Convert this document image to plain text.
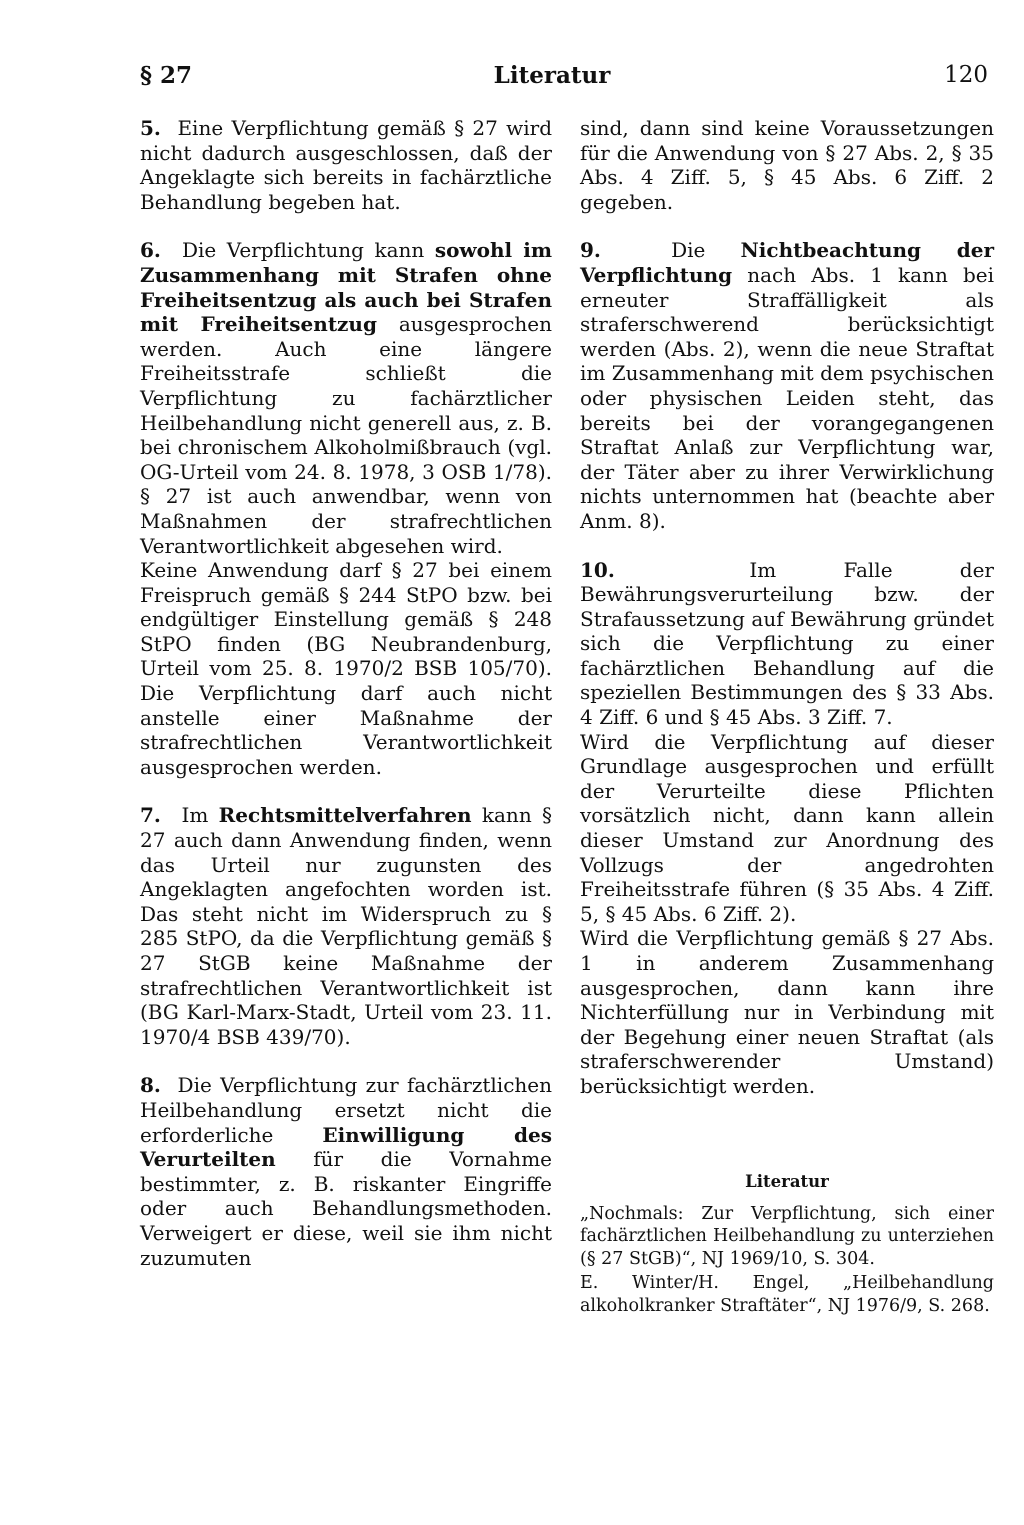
§ 27	Literatur	120

5. Eine Verpflichtung gemäß § 27 wird nicht dadurch ausgeschlossen, daß der Angeklagte sich bereits in fachärztliche Behandlung begeben hat.

6. Die Verpflichtung kann sowohl im Zusammenhang mit Strafen ohne Freiheitsentzug als auch bei Strafen mit Freiheitsentzug ausgesprochen werden. Auch eine längere Freiheitsstrafe schließt die Verpflichtung zu fachärztlicher Heilbehandlung nicht generell aus, z. B. bei chronischem Alkoholmißbrauch (vgl. OG-Urteil vom 24. 8. 1978, 3 OSB 1/78). § 27 ist auch anwendbar, wenn von Maßnahmen der strafrechtlichen Verantwortlichkeit abgesehen wird.

Keine Anwendung darf § 27 bei einem Freispruch gemäß § 244 StPO bzw. bei endgültiger Einstellung gemäß § 248 StPO finden (BG Neubrandenburg, Urteil vom 25. 8. 1970/2 BSB 105/70). Die Verpflichtung darf auch nicht anstelle einer Maßnahme der strafrechtlichen Verantwortlichkeit ausgesprochen werden.

7. Im Rechtsmittelverfahren kann § 27 auch dann Anwendung finden, wenn das Urteil nur zugunsten des Angeklagten angefochten worden ist. Das steht nicht im Widerspruch zu § 285 StPO, da die Verpflichtung gemäß § 27 StGB keine Maßnahme der strafrechtlichen Verantwortlichkeit ist (BG Karl-Marx-Stadt, Urteil vom 23. 11. 1970/4 BSB 439/70).

8. Die Verpflichtung zur fachärztlichen Heilbehandlung ersetzt nicht die erforderliche Einwilligung des Verurteilten für die Vornahme bestimmter, z. B. riskanter Eingriffe oder auch Behandlungsmethoden. Verweigert er diese, weil sie ihm nicht zuzumuten

sind, dann sind keine Voraussetzungen für die Anwendung von § 27 Abs. 2, § 35 Abs. 4 Ziff. 5, § 45 Abs. 6 Ziff. 2 gegeben.

9.	Die Nichtbeachtung der Verpflichtung nach Abs. 1 kann bei erneuter Straffälligkeit als straferschwerend berücksichtigt werden (Abs. 2), wenn die neue Straftat im Zusammenhang mit dem psychischen oder physischen Leiden steht, das bereits bei der vorangegangenen Straftat Anlaß zur Verpflichtung war, der Täter aber zu ihrer Verwirklichung nichts unternommen hat (beachte aber Anm. 8).

10.	Im Falle der Bewährungsverurteilung bzw. der Strafaussetzung auf Bewährung gründet sich die Verpflichtung zu einer fachärztlichen Behandlung auf die speziellen Bestimmungen des § 33 Abs. 4 Ziff. 6 und § 45 Abs. 3 Ziff. 7.

Wird die Verpflichtung auf dieser Grundlage ausgesprochen und erfüllt der Verurteilte diese Pflichten vorsätzlich nicht, dann kann allein dieser Umstand zur Anordnung des Vollzugs der angedrohten Freiheitsstrafe führen (§ 35 Abs. 4 Ziff. 5, § 45 Abs. 6 Ziff. 2).

Wird die Verpflichtung gemäß § 27 Abs. 1 in anderem Zusammenhang ausgesprochen, dann kann ihre Nichterfüllung nur in Verbindung mit der Begehung einer neuen Straftat (als straferschwerender Umstand) berücksichtigt werden.

Literatur
„Nochmals: Zur Verpflichtung, sich einer fachärztlichen Heilbehandlung zu unterziehen (§ 27 StGB)“, NJ 1969/10, S. 304.
E. Winter/H. Engel, „Heilbehandlung alkoholkranker Straftäter“, NJ 1976/9, S. 268.
